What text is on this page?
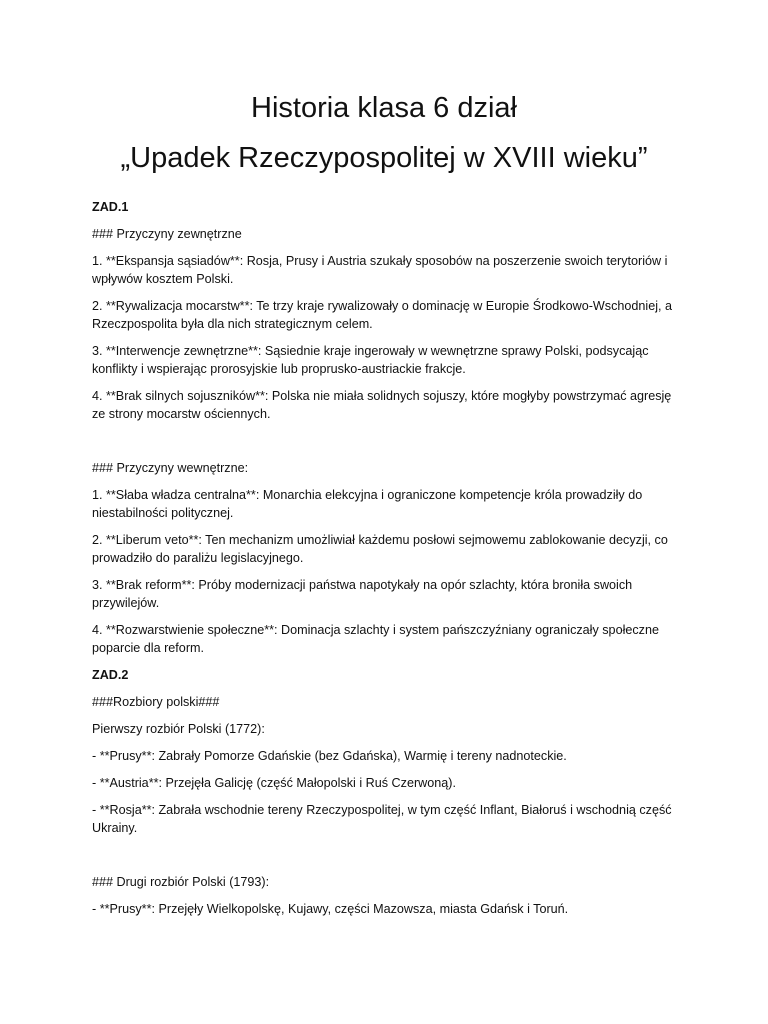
Historia klasa 6 dział
„Upadek Rzeczypospolitej w XVIII wieku”

ZAD.1

### Przyczyny zewnętrzne

1. **Ekspansja sąsiadów**: Rosja, Prusy i Austria szukały sposobów na poszerzenie swoich terytoriów i wpływów kosztem Polski.

2. **Rywalizacja mocarstw**: Te trzy kraje rywalizowały o dominację w Europie Środkowo-Wschodniej, a Rzeczpospolita była dla nich strategicznym celem.

3. **Interwencje zewnętrzne**: Sąsiednie kraje ingerowały w wewnętrzne sprawy Polski, podsycając konflikty i wspierając prorosyjskie lub proprusko-austriackie frakcje.

4. **Brak silnych sojuszników**: Polska nie miała solidnych sojuszy, które mogłyby powstrzymać agresję ze strony mocarstw ościennych.

### Przyczyny wewnętrzne:

1. **Słaba władza centralna**: Monarchia elekcyjna i ograniczone kompetencje króla prowadziły do niestabilności politycznej.

2. **Liberum veto**: Ten mechanizm umożliwiał każdemu posłowi sejmowemu zablokowanie decyzji, co prowadziło do paraliżu legislacyjnego.

3. **Brak reform**: Próby modernizacji państwa napotykały na opór szlachty, która broniła swoich przywilejów.

4. **Rozwarstwienie społeczne**: Dominacja szlachty i system pańszczyźniany ograniczały społeczne poparcie dla reform.

ZAD.2

###Rozbiory polski###

Pierwszy rozbiór Polski (1772):

- **Prusy**: Zabrały Pomorze Gdańskie (bez Gdańska), Warmię i tereny nadnoteckie.

- **Austria**: Przejęła Galicję (część Małopolski i Ruś Czerwoną).

- **Rosja**: Zabrała wschodnie tereny Rzeczypospolitej, w tym część Inflant, Białoruś i wschodnią część Ukrainy.

### Drugi rozbiór Polski (1793):

- **Prusy**: Przejęły Wielkopolskę, Kujawy, części Mazowsza, miasta Gdańsk i Toruń.
